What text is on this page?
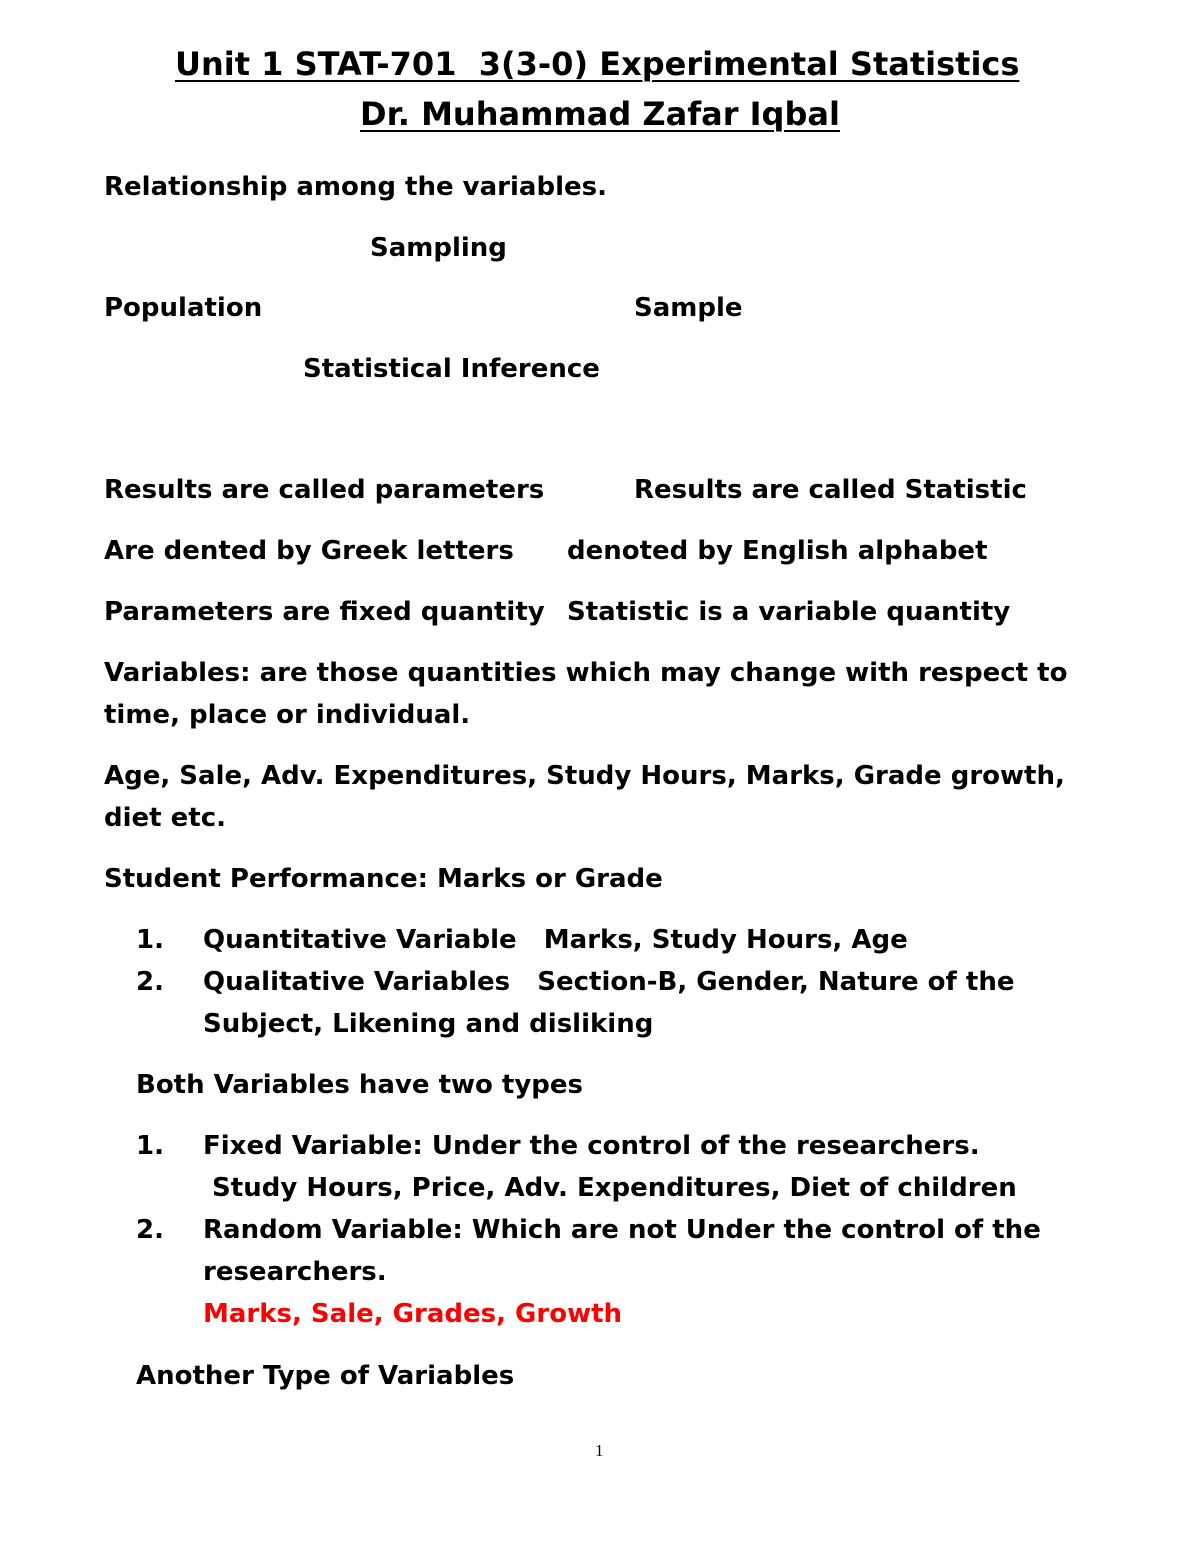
Unit 1 STAT-701  3(3-0) Experimental Statistics
Dr. Muhammad Zafar Iqbal
Relationship among the variables.
Sampling
Population	Sample
Statistical Inference
Results are called parameters	Results are called Statistic
Are dented by Greek letters denoted by English alphabet
Parameters are fixed quantity Statistic is a variable quantity
Variables: are those quantities which may change with respect to
time, place or individual.
Age, Sale, Adv. Expenditures, Study Hours, Marks, Grade growth,
diet etc.
Student Performance: Marks or Grade
1. Quantitative Variable   Marks, Study Hours, Age
2. Qualitative Variables   Section-B, Gender, Nature of the
Subject, Likening and disliking
Both Variables have two types
1. Fixed Variable: Under the control of the researchers.
Study Hours, Price, Adv. Expenditures, Diet of children
2. Random Variable: Which are not Under the control of the
researchers.
Marks, Sale, Grades, Growth
Another Type of Variables
1
